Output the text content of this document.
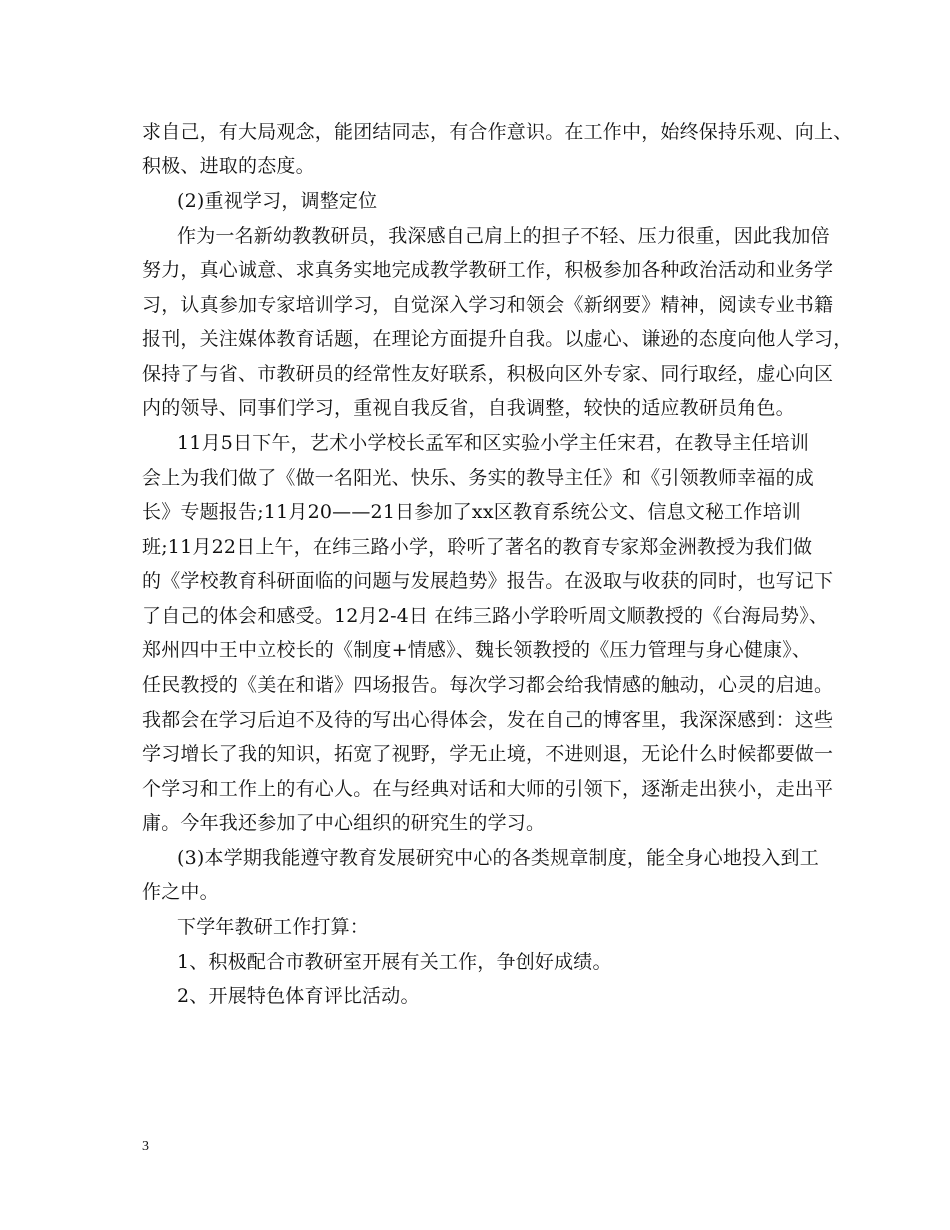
求自己，有大局观念，能团结同志，有合作意识。在工作中，始终保持乐观、向上、
积极、进取的态度。
(2)重视学习，调整定位
作为一名新幼教教研员，我深感自己肩上的担子不轻、压力很重，因此我加倍
努力，真心诚意、求真务实地完成教学教研工作，积极参加各种政治活动和业务学
习，认真参加专家培训学习，自觉深入学习和领会《新纲要》精神，阅读专业书籍
报刊，关注媒体教育话题，在理论方面提升自我。以虚心、谦逊的态度向他人学习，
保持了与省、市教研员的经常性友好联系，积极向区外专家、同行取经，虚心向区
内的领导、同事们学习，重视自我反省，自我调整，较快的适应教研员角色。
11月5日下午，艺术小学校长孟军和区实验小学主任宋君，在教导主任培训
会上为我们做了《做一名阳光、快乐、务实的教导主任》和《引领教师幸福的成
长》专题报告;11月20——21日参加了xx区教育系统公文、信息文秘工作培训
班;11月22日上午，在纬三路小学，聆听了著名的教育专家郑金洲教授为我们做
的《学校教育科研面临的问题与发展趋势》报告。在汲取与收获的同时，也写记下
了自己的体会和感受。12月2-4日 在纬三路小学聆听周文顺教授的《台海局势》、
郑州四中王中立校长的《制度+情感》、魏长领教授的《压力管理与身心健康》、
任民教授的《美在和谐》四场报告。每次学习都会给我情感的触动，心灵的启迪。
我都会在学习后迫不及待的写出心得体会，发在自己的博客里，我深深感到：这些
学习增长了我的知识，拓宽了视野，学无止境，不进则退，无论什么时候都要做一
个学习和工作上的有心人。在与经典对话和大师的引领下，逐渐走出狭小，走出平
庸。今年我还参加了中心组织的研究生的学习。
(3)本学期我能遵守教育发展研究中心的各类规章制度，能全身心地投入到工
作之中。
下学年教研工作打算：
1、积极配合市教研室开展有关工作，争创好成绩。
2、开展特色体育评比活动。
3
